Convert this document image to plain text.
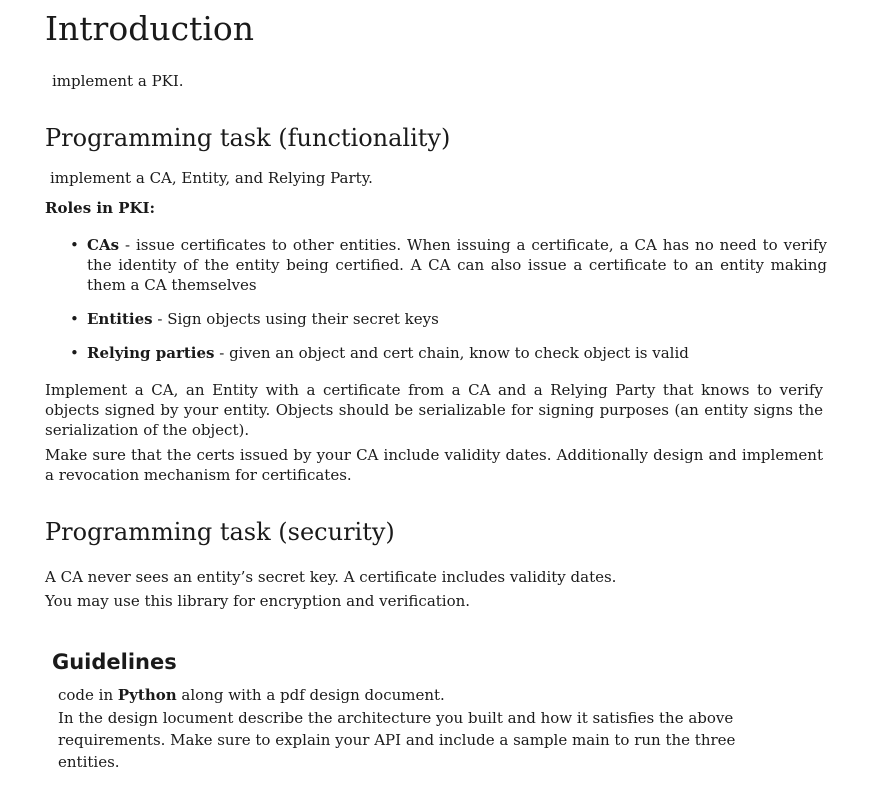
Introduction

implement a PKI.

Programming task (functionality)

implement a CA, Entity, and Relying Party.

Roles in PKI:
• CAs - issue certificates to other entities. When issuing a certificate, a CA has no need to verify the identity of the entity being certified. A CA can also issue a certificate to an entity making them a CA themselves
• Entities - Sign objects using their secret keys
• Relying parties - given an object and cert chain, know to check object is valid

Implement a CA, an Entity with a certificate from a CA and a Relying Party that knows to verify objects signed by your entity. Objects should be serializable for signing purposes (an entity signs the serialization of the object).

Make sure that the certs issued by your CA include validity dates. Additionally design and implement a revocation mechanism for certificates.

Programming task (security)

A CA never sees an entity’s secret key. A certificate includes validity dates.

You may use this library for encryption and verification.

Guidelines

code in Python along with a pdf design document.

In the design locument describe the architecture you built and how it satisfies the above requirements. Make sure to explain your API and include a sample main to run the three entities.
